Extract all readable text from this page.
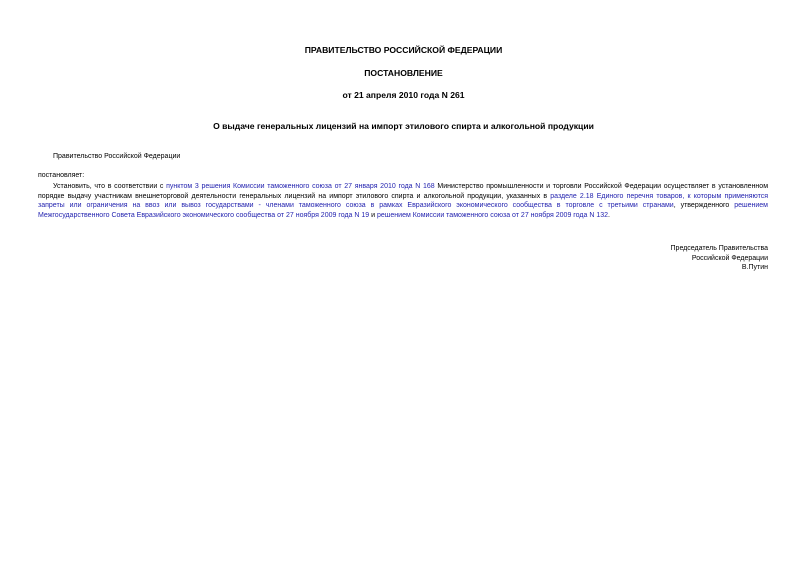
ПРАВИТЕЛЬСТВО РОССИЙСКОЙ ФЕДЕРАЦИИ
ПОСТАНОВЛЕНИЕ
от 21 апреля 2010 года N 261
О выдаче генеральных лицензий на импорт этилового спирта и алкогольной продукции
Правительство Российской Федерации
постановляет:
Установить, что в соответствии с пунктом 3 решения Комиссии таможенного союза от 27 января 2010 года N 168 Министерство промышленности и торговли Российской Федерации осуществляет в установленном
порядке выдачу участникам внешнеторговой деятельности генеральных лицензий на импорт этилового спирта и алкогольной продукции, указанных в разделе 2.18 Единого перечня товаров, к которым применяются
запреты или ограничения на ввоз или вывоз государствами - членами таможенного союза в рамках Евразийского экономического сообщества в торговле с третьими странами, утвержденного решением
Межгосударственного Совета Евразийского экономического сообщества от 27 ноября 2009 года N 19 и решением Комиссии таможенного союза от 27 ноября 2009 года N 132.
Председатель Правительства
Российской Федерации
В.Путин
